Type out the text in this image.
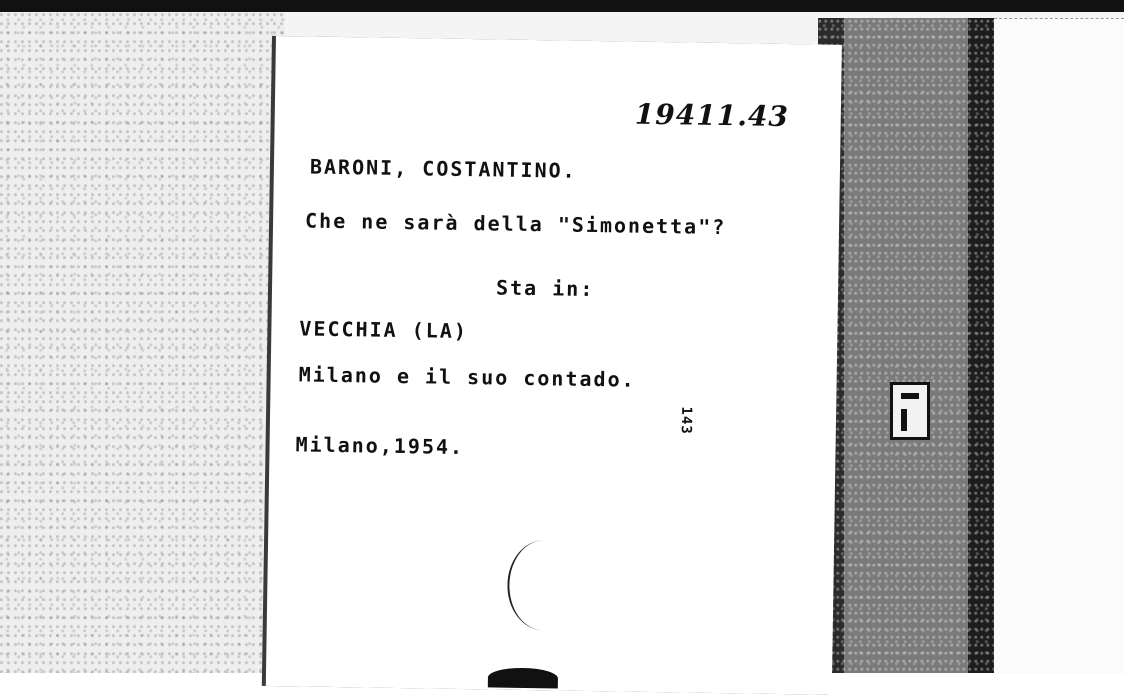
19411.43
BARONI, COSTANTINO.
Che ne sarà della "Simonetta"?
Sta in:
VECCHIA (LA)
Milano e il suo contado.
Milano,1954.
143
